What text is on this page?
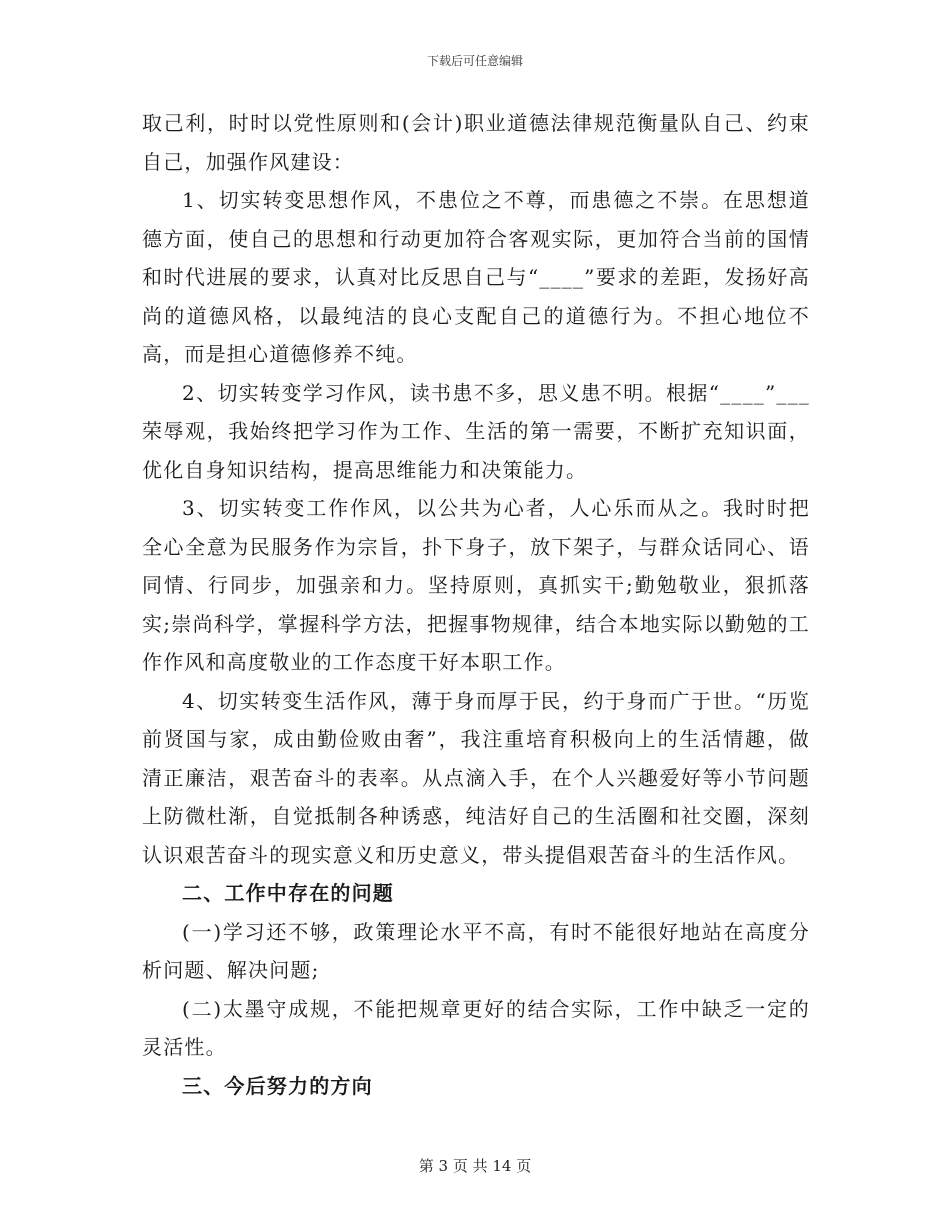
下载后可任意编辑

取己利，时时以党性原则和(会计)职业道德法律规范衡量队自己、约束自己，加强作风建设：

1、切实转变思想作风，不患位之不尊，而患德之不崇。在思想道德方面，使自己的思想和行动更加符合客观实际，更加符合当前的国情和时代进展的要求，认真对比反思自己与“____”要求的差距，发扬好高尚的道德风格，以最纯洁的良心支配自己的道德行为。不担心地位不高，而是担心道德修养不纯。

2、切实转变学习作风，读书患不多，思义患不明。根据“____”___荣辱观，我始终把学习作为工作、生活的第一需要，不断扩充知识面，优化自身知识结构，提高思维能力和决策能力。

3、切实转变工作作风，以公共为心者，人心乐而从之。我时时把全心全意为民服务作为宗旨，扑下身子，放下架子，与群众话同心、语同情、行同步，加强亲和力。坚持原则，真抓实干;勤勉敬业，狠抓落实;崇尚科学，掌握科学方法，把握事物规律，结合本地实际以勤勉的工作作风和高度敬业的工作态度干好本职工作。

4、切实转变生活作风，薄于身而厚于民，约于身而广于世。“历览前贤国与家，成由勤俭败由奢”，我注重培育积极向上的生活情趣，做清正廉洁，艰苦奋斗的表率。从点滴入手，在个人兴趣爱好等小节问题上防微杜渐，自觉抵制各种诱惑，纯洁好自己的生活圈和社交圈，深刻认识艰苦奋斗的现实意义和历史意义，带头提倡艰苦奋斗的生活作风。

二、工作中存在的问题

(一)学习还不够，政策理论水平不高，有时不能很好地站在高度分析问题、解决问题;

(二)太墨守成规，不能把规章更好的结合实际，工作中缺乏一定的灵活性。

三、今后努力的方向
第 3 页 共 14 页
